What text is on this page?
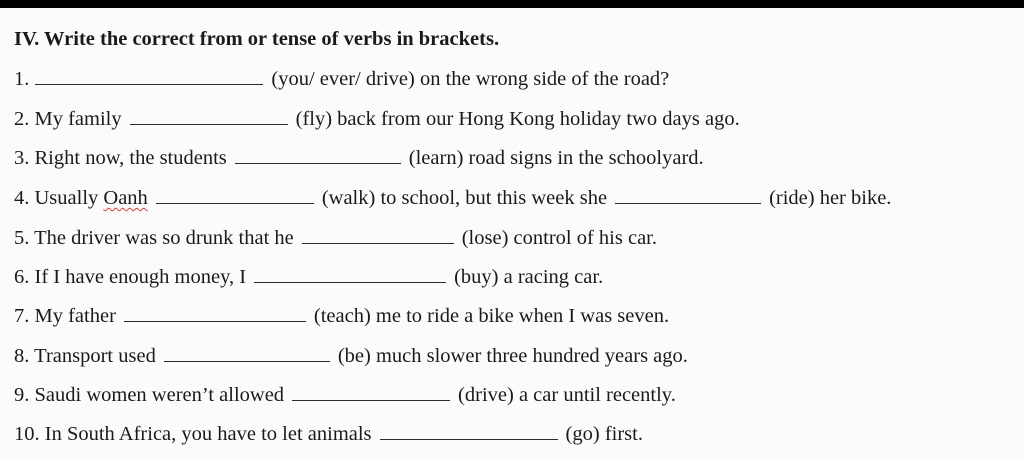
IV. Write the correct from or tense of verbs in brackets.
1.	(you/ ever/ drive) on the wrong side of the road?
2. My family	(fly) back from our Hong Kong holiday two days ago.
3. Right now, the students	(learn) road signs in the schoolyard.
4. Usually Oanh	(walk) to school, but this week she	(ride) her bike.
5. The driver was so drunk that he	(lose) control of his car.
6. If I have enough money, I	(buy) a racing car.
7. My father	(teach) me to ride a bike when I was seven.
8. Transport used	(be) much slower three hundred years ago.
9. Saudi women weren’t allowed	(drive) a car until recently.
10. In South Africa, you have to let animals	(go) first.
